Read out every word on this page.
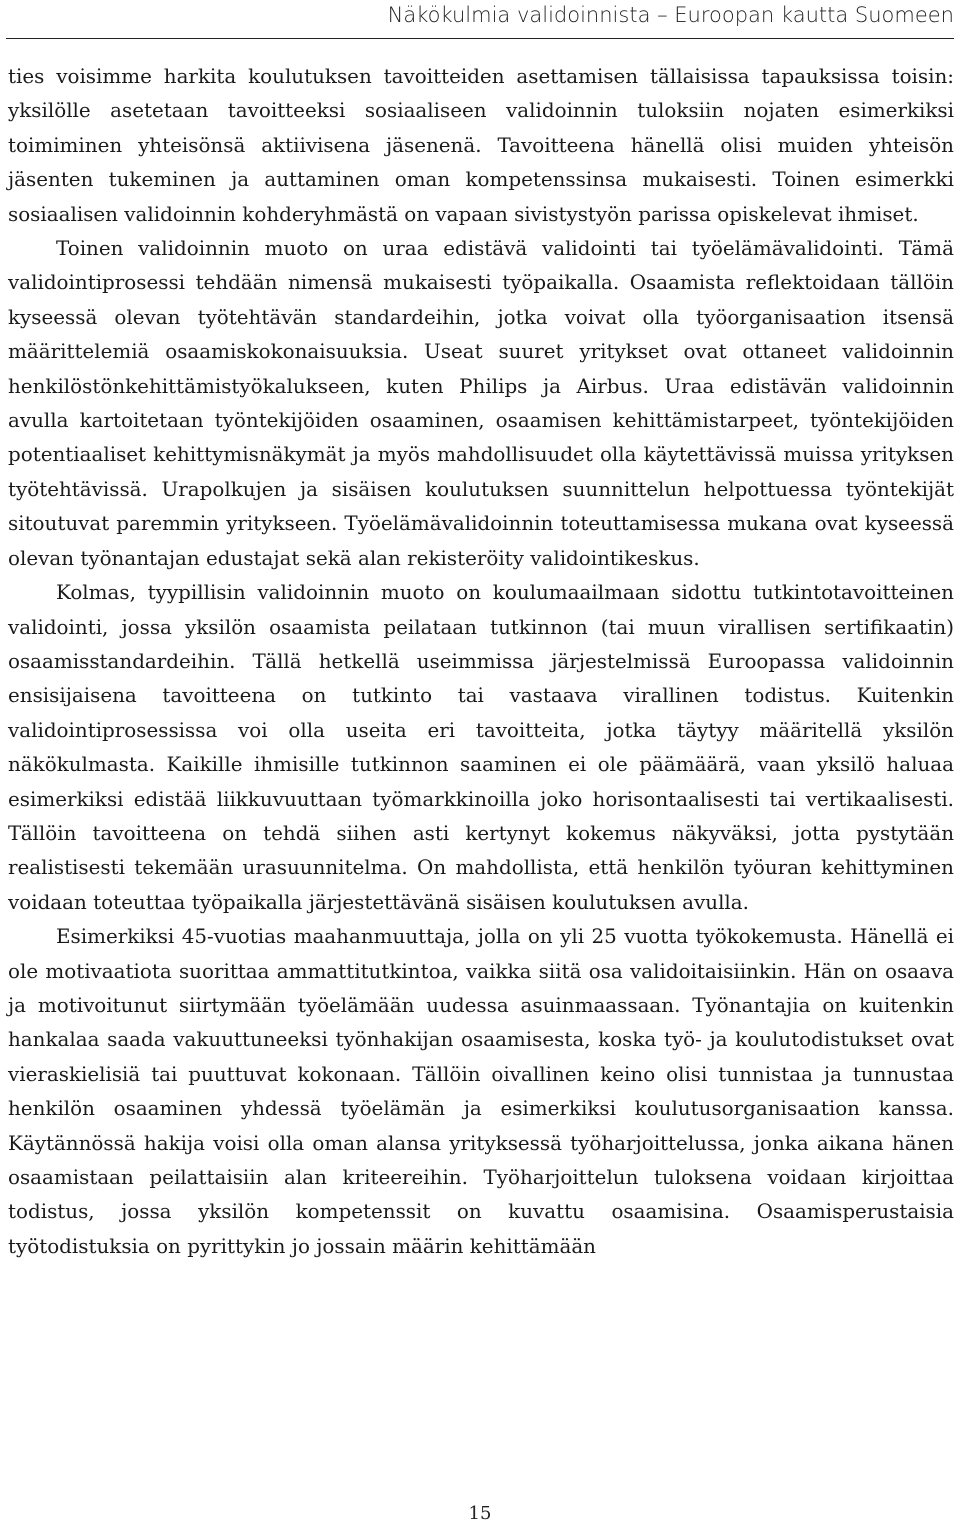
Näkökulmia validoinnista – Euroopan kautta Suomeen

ties voisimme harkita koulutuksen tavoitteiden asettamisen tällaisissa tapauksissa toisin: yksilölle asetetaan tavoitteeksi sosiaaliseen validoinnin tuloksiin nojaten esimerkiksi toimiminen yhteisönsä aktiivisena jäsenenä. Tavoitteena hänellä olisi muiden yhteisön jäsenten tukeminen ja auttaminen oman kompetenssinsa mukaisesti. Toinen esimerkki sosiaalisen validoinnin kohderyhmästä on vapaan sivistystyön parissa opiskelevat ihmiset.

Toinen validoinnin muoto on uraa edistävä validointi tai työelämävalidointi. Tämä validointiprosessi tehdään nimensä mukaisesti työpaikalla. Osaamista reflektoidaan tällöin kyseessä olevan työtehtävän standardeihin, jotka voivat olla työorganisaation itsensä määrittelemiä osaamiskokonaisuuksia. Useat suuret yritykset ovat ottaneet validoinnin henkilöstönkehittämistyökalukseen, kuten Philips ja Airbus. Uraa edistävän validoinnin avulla kartoitetaan työntekijöiden osaaminen, osaamisen kehittämistarpeet, työntekijöiden potentiaaliset kehittymisnäkymät ja myös mahdollisuudet olla käytettävissä muissa yrityksen työtehtävissä. Urapolkujen ja sisäisen koulutuksen suunnittelun helpottuessa työntekijät sitoutuvat paremmin yritykseen. Työelämävalidoinnin toteuttamisessa mukana ovat kyseessä olevan työnantajan edustajat sekä alan rekisteröity validointikeskus.

Kolmas, tyypillisin validoinnin muoto on koulumaailmaan sidottu tutkintotavoitteinen validointi, jossa yksilön osaamista peilataan tutkinnon (tai muun virallisen sertifikaatin) osaamisstandardeihin. Tällä hetkellä useimmissa järjestelmissä Euroopassa validoinnin ensisijaisena tavoitteena on tutkinto tai vastaava virallinen todistus. Kuitenkin validointiprosessissa voi olla useita eri tavoitteita, jotka täytyy määritellä yksilön näkökulmasta. Kaikille ihmisille tutkinnon saaminen ei ole päämäärä, vaan yksilö haluaa esimerkiksi edistää liikkuvuuttaan työmarkkinoilla joko horisontaalisesti tai vertikaalisesti. Tällöin tavoitteena on tehdä siihen asti kertynyt kokemus näkyväksi, jotta pystytään realistisesti tekemään urasuunnitelma. On mahdollista, että henkilön työuran kehittyminen voidaan toteuttaa työpaikalla järjestettävänä sisäisen koulutuksen avulla.

Esimerkiksi 45-vuotias maahanmuuttaja, jolla on yli 25 vuotta työkokemusta. Hänellä ei ole motivaatiota suorittaa ammattitutkintoa, vaikka siitä osa validoitaisiinkin. Hän on osaava ja motivoitunut siirtymään työelämään uudessa asuinmaassaan. Työnantajia on kuitenkin hankalaa saada vakuuttuneeksi työnhakijan osaamisesta, koska työ- ja koulutodistukset ovat vieraskielisiä tai puuttuvat kokonaan. Tällöin oivallinen keino olisi tunnistaa ja tunnustaa henkilön osaaminen yhdessä työelämän ja esimerkiksi koulutusorganisaation kanssa. Käytännössä hakija voisi olla oman alansa yrityksessä työharjoittelussa, jonka aikana hänen osaamistaan peilattaisiin alan kriteereihin. Työharjoittelun tuloksena voidaan kirjoittaa todistus, jossa yksilön kompetenssit on kuvattu osaamisina. Osaamisperustaisia työtodistuksia on pyrittykin jo jossain määrin kehittämään

15
